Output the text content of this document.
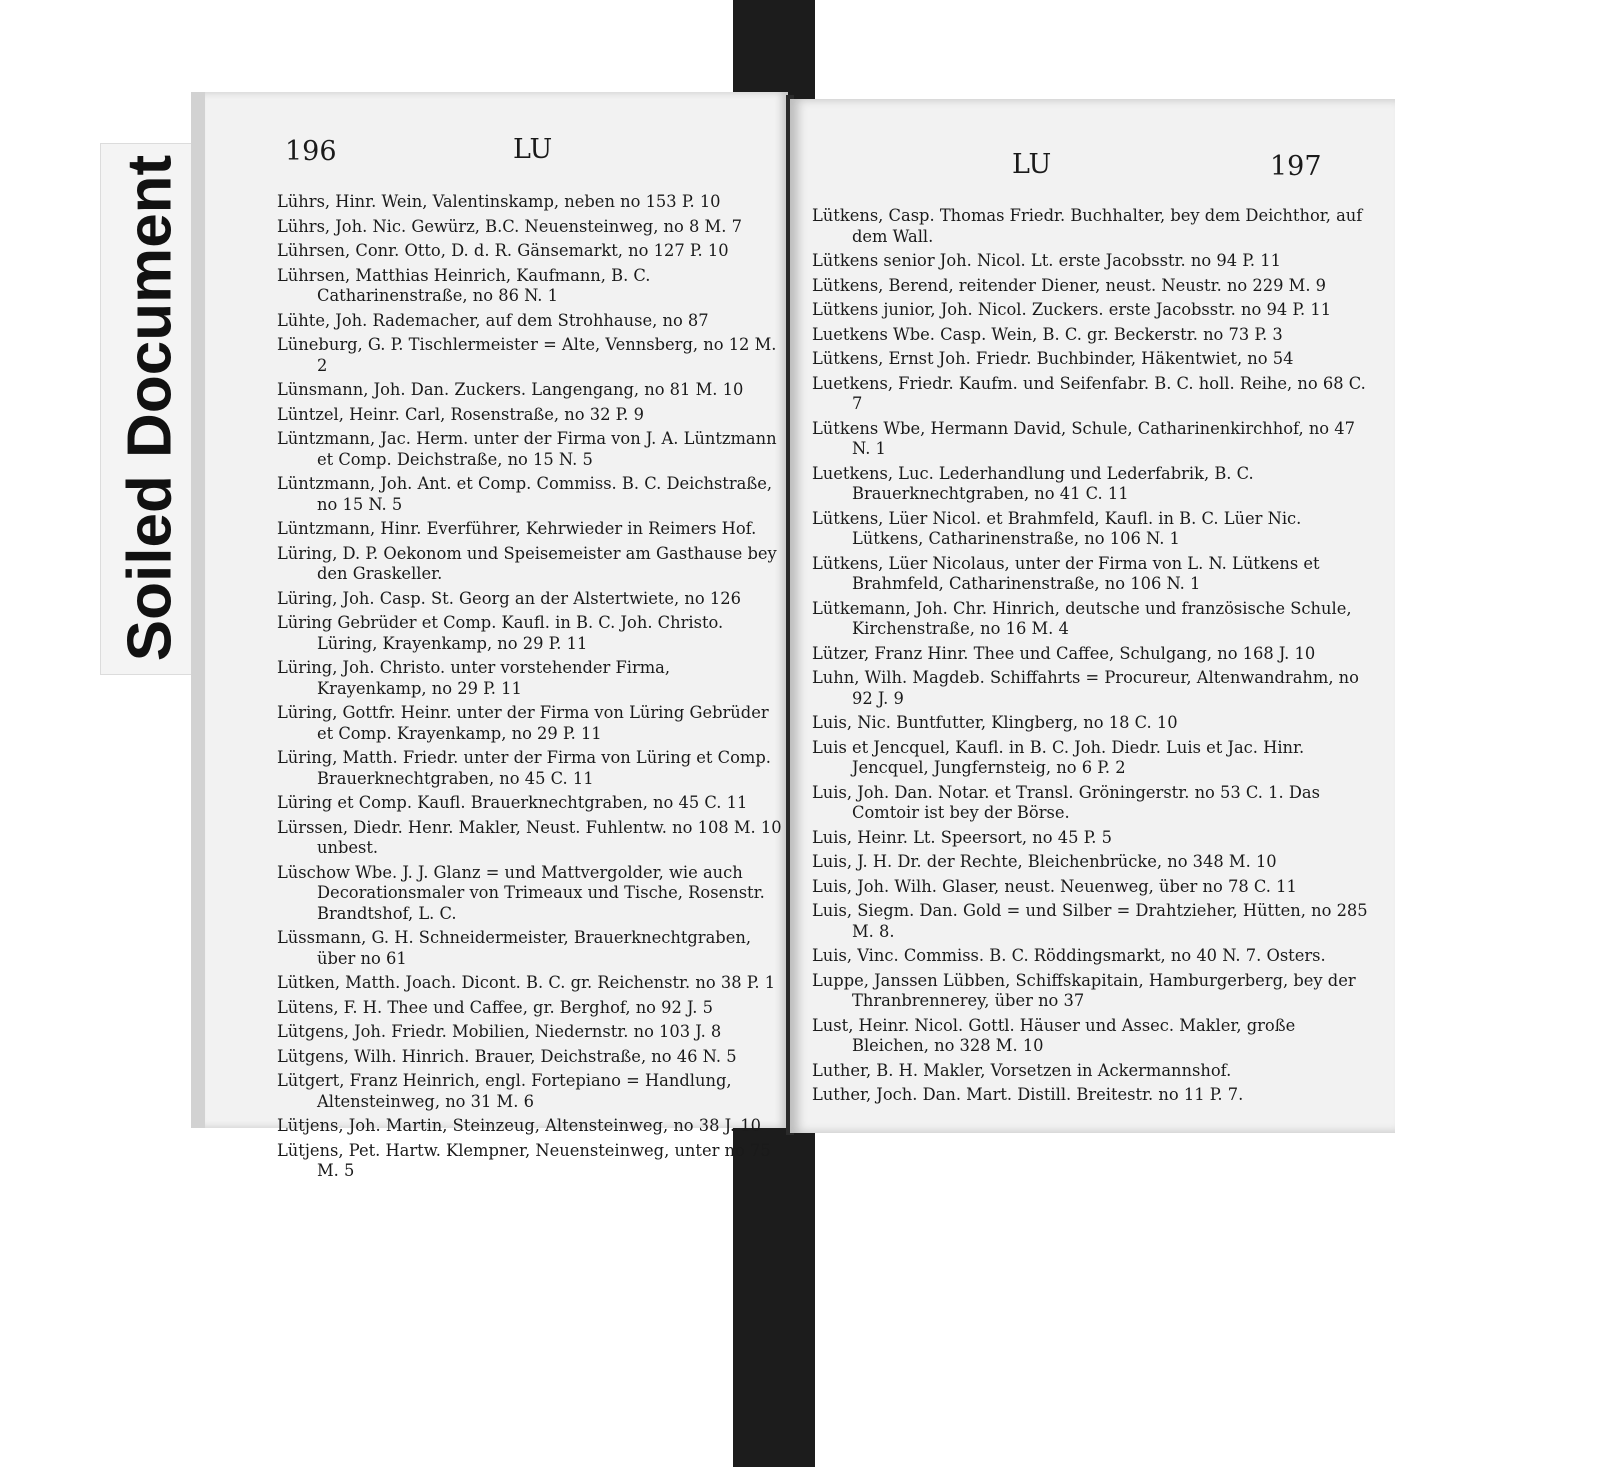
Soiled Document
196	LU

Lührs, Hinr. Wein, Valentinskamp, neben no 153 P. 10

Lührs, Joh. Nic. Gewürz, B.C. Neuensteinweg, no 8 M. 7

Lührsen, Conr. Otto, D. d. R. Gänsemarkt, no 127 P. 10

Lührsen, Matthias Heinrich, Kaufmann, B. C. Catharinenstraße, no 86 N. 1

Lühte, Joh. Rademacher, auf dem Strohhause, no 87

Lüneburg, G. P. Tischlermeister = Alte, Vennsberg, no 12 M. 2

Lünsmann, Joh. Dan. Zuckers. Langengang, no 81 M. 10

Lüntzel, Heinr. Carl, Rosenstraße, no 32 P. 9

Lüntzmann, Jac. Herm. unter der Firma von J. A. Lüntzmann et Comp. Deichstraße, no 15 N. 5

Lüntzmann, Joh. Ant. et Comp. Commiss. B. C. Deichstraße, no 15 N. 5

Lüntzmann, Hinr. Everführer, Kehrwieder in Reimers Hof.

Lüring, D. P. Oekonom und Speisemeister am Gasthause bey den Graskeller.

Lüring, Joh. Casp. St. Georg an der Alstertwiete, no 126

Lüring Gebrüder et Comp. Kaufl. in B. C. Joh. Christo. Lüring, Krayenkamp, no 29 P. 11

Lüring, Joh. Christo. unter vorstehender Firma, Krayenkamp, no 29 P. 11

Lüring, Gottfr. Heinr. unter der Firma von Lüring Gebrüder et Comp. Krayenkamp, no 29 P. 11

Lüring, Matth. Friedr. unter der Firma von Lüring et Comp. Brauerknechtgraben, no 45 C. 11

Lüring et Comp. Kaufl. Brauerknechtgraben, no 45 C. 11

Lürssen, Diedr. Henr. Makler, Neust. Fuhlentw. no 108 M. 10 unbest.

Lüschow Wbe. J. J. Glanz = und Mattvergolder, wie auch Decorationsmaler von Trimeaux und Tische, Rosenstr. Brandtshof, L. C.

Lüssmann, G. H. Schneidermeister, Brauerknechtgraben, über no 61

Lütken, Matth. Joach. Dicont. B. C. gr. Reichenstr. no 38 P. 1

Lütens, F. H. Thee und Caffee, gr. Berghof, no 92 J. 5

Lütgens, Joh. Friedr. Mobilien, Niedernstr. no 103 J. 8

Lütgens, Wilh. Hinrich. Brauer, Deichstraße, no 46 N. 5

Lütgert, Franz Heinrich, engl. Fortepiano = Handlung, Altensteinweg, no 31 M. 6

Lütjens, Joh. Martin, Steinzeug, Altensteinweg, no 38 J. 10

Lütjens, Pet. Hartw. Klempner, Neuensteinweg, unter no 75 M. 5

LU	197

Lütkens, Casp. Thomas Friedr. Buchhalter, bey dem Deichthor, auf dem Wall.

Lütkens senior Joh. Nicol. Lt. erste Jacobsstr. no 94 P. 11

Lütkens, Berend, reitender Diener, neust. Neustr. no 229 M. 9

Lütkens junior, Joh. Nicol. Zuckers. erste Jacobsstr. no 94 P. 11

Luetkens Wbe. Casp. Wein, B. C. gr. Beckerstr. no 73 P. 3

Lütkens, Ernst Joh. Friedr. Buchbinder, Häkentwiet, no 54

Luetkens, Friedr. Kaufm. und Seifenfabr. B. C. holl. Reihe, no 68 C. 7

Lütkens Wbe, Hermann David, Schule, Catharinenkirchhof, no 47 N. 1

Luetkens, Luc. Lederhandlung und Lederfabrik, B. C. Brauerknechtgraben, no 41 C. 11

Lütkens, Lüer Nicol. et Brahmfeld, Kaufl. in B. C. Lüer Nic. Lütkens, Catharinenstraße, no 106 N. 1

Lütkens, Lüer Nicolaus, unter der Firma von L. N. Lütkens et Brahmfeld, Catharinenstraße, no 106 N. 1

Lütkemann, Joh. Chr. Hinrich, deutsche und französische Schule, Kirchenstraße, no 16 M. 4

Lützer, Franz Hinr. Thee und Caffee, Schulgang, no 168 J. 10

Luhn, Wilh. Magdeb. Schiffahrts = Procureur, Altenwandrahm, no 92 J. 9

Luis, Nic. Buntfutter, Klingberg, no 18 C. 10

Luis et Jencquel, Kaufl. in B. C. Joh. Diedr. Luis et Jac. Hinr. Jencquel, Jungfernsteig, no 6 P. 2

Luis, Joh. Dan. Notar. et Transl. Gröningerstr. no 53 C. 1. Das Comtoir ist bey der Börse.

Luis, Heinr. Lt. Speersort, no 45 P. 5

Luis, J. H. Dr. der Rechte, Bleichenbrücke, no 348 M. 10

Luis, Joh. Wilh. Glaser, neust. Neuenweg, über no 78 C. 11

Luis, Siegm. Dan. Gold = und Silber = Drahtzieher, Hütten, no 285 M. 8.

Luis, Vinc. Commiss. B. C. Röddingsmarkt, no 40 N. 7. Osters.

Luppe, Janssen Lübben, Schiffskapitain, Hamburgerberg, bey der Thranbrennerey, über no 37

Lust, Heinr. Nicol. Gottl. Häuser und Assec. Makler, große Bleichen, no 328 M. 10

Luther, B. H. Makler, Vorsetzen in Ackermannshof.

Luther, Joch. Dan. Mart. Distill. Breitestr. no 11 P. 7.
